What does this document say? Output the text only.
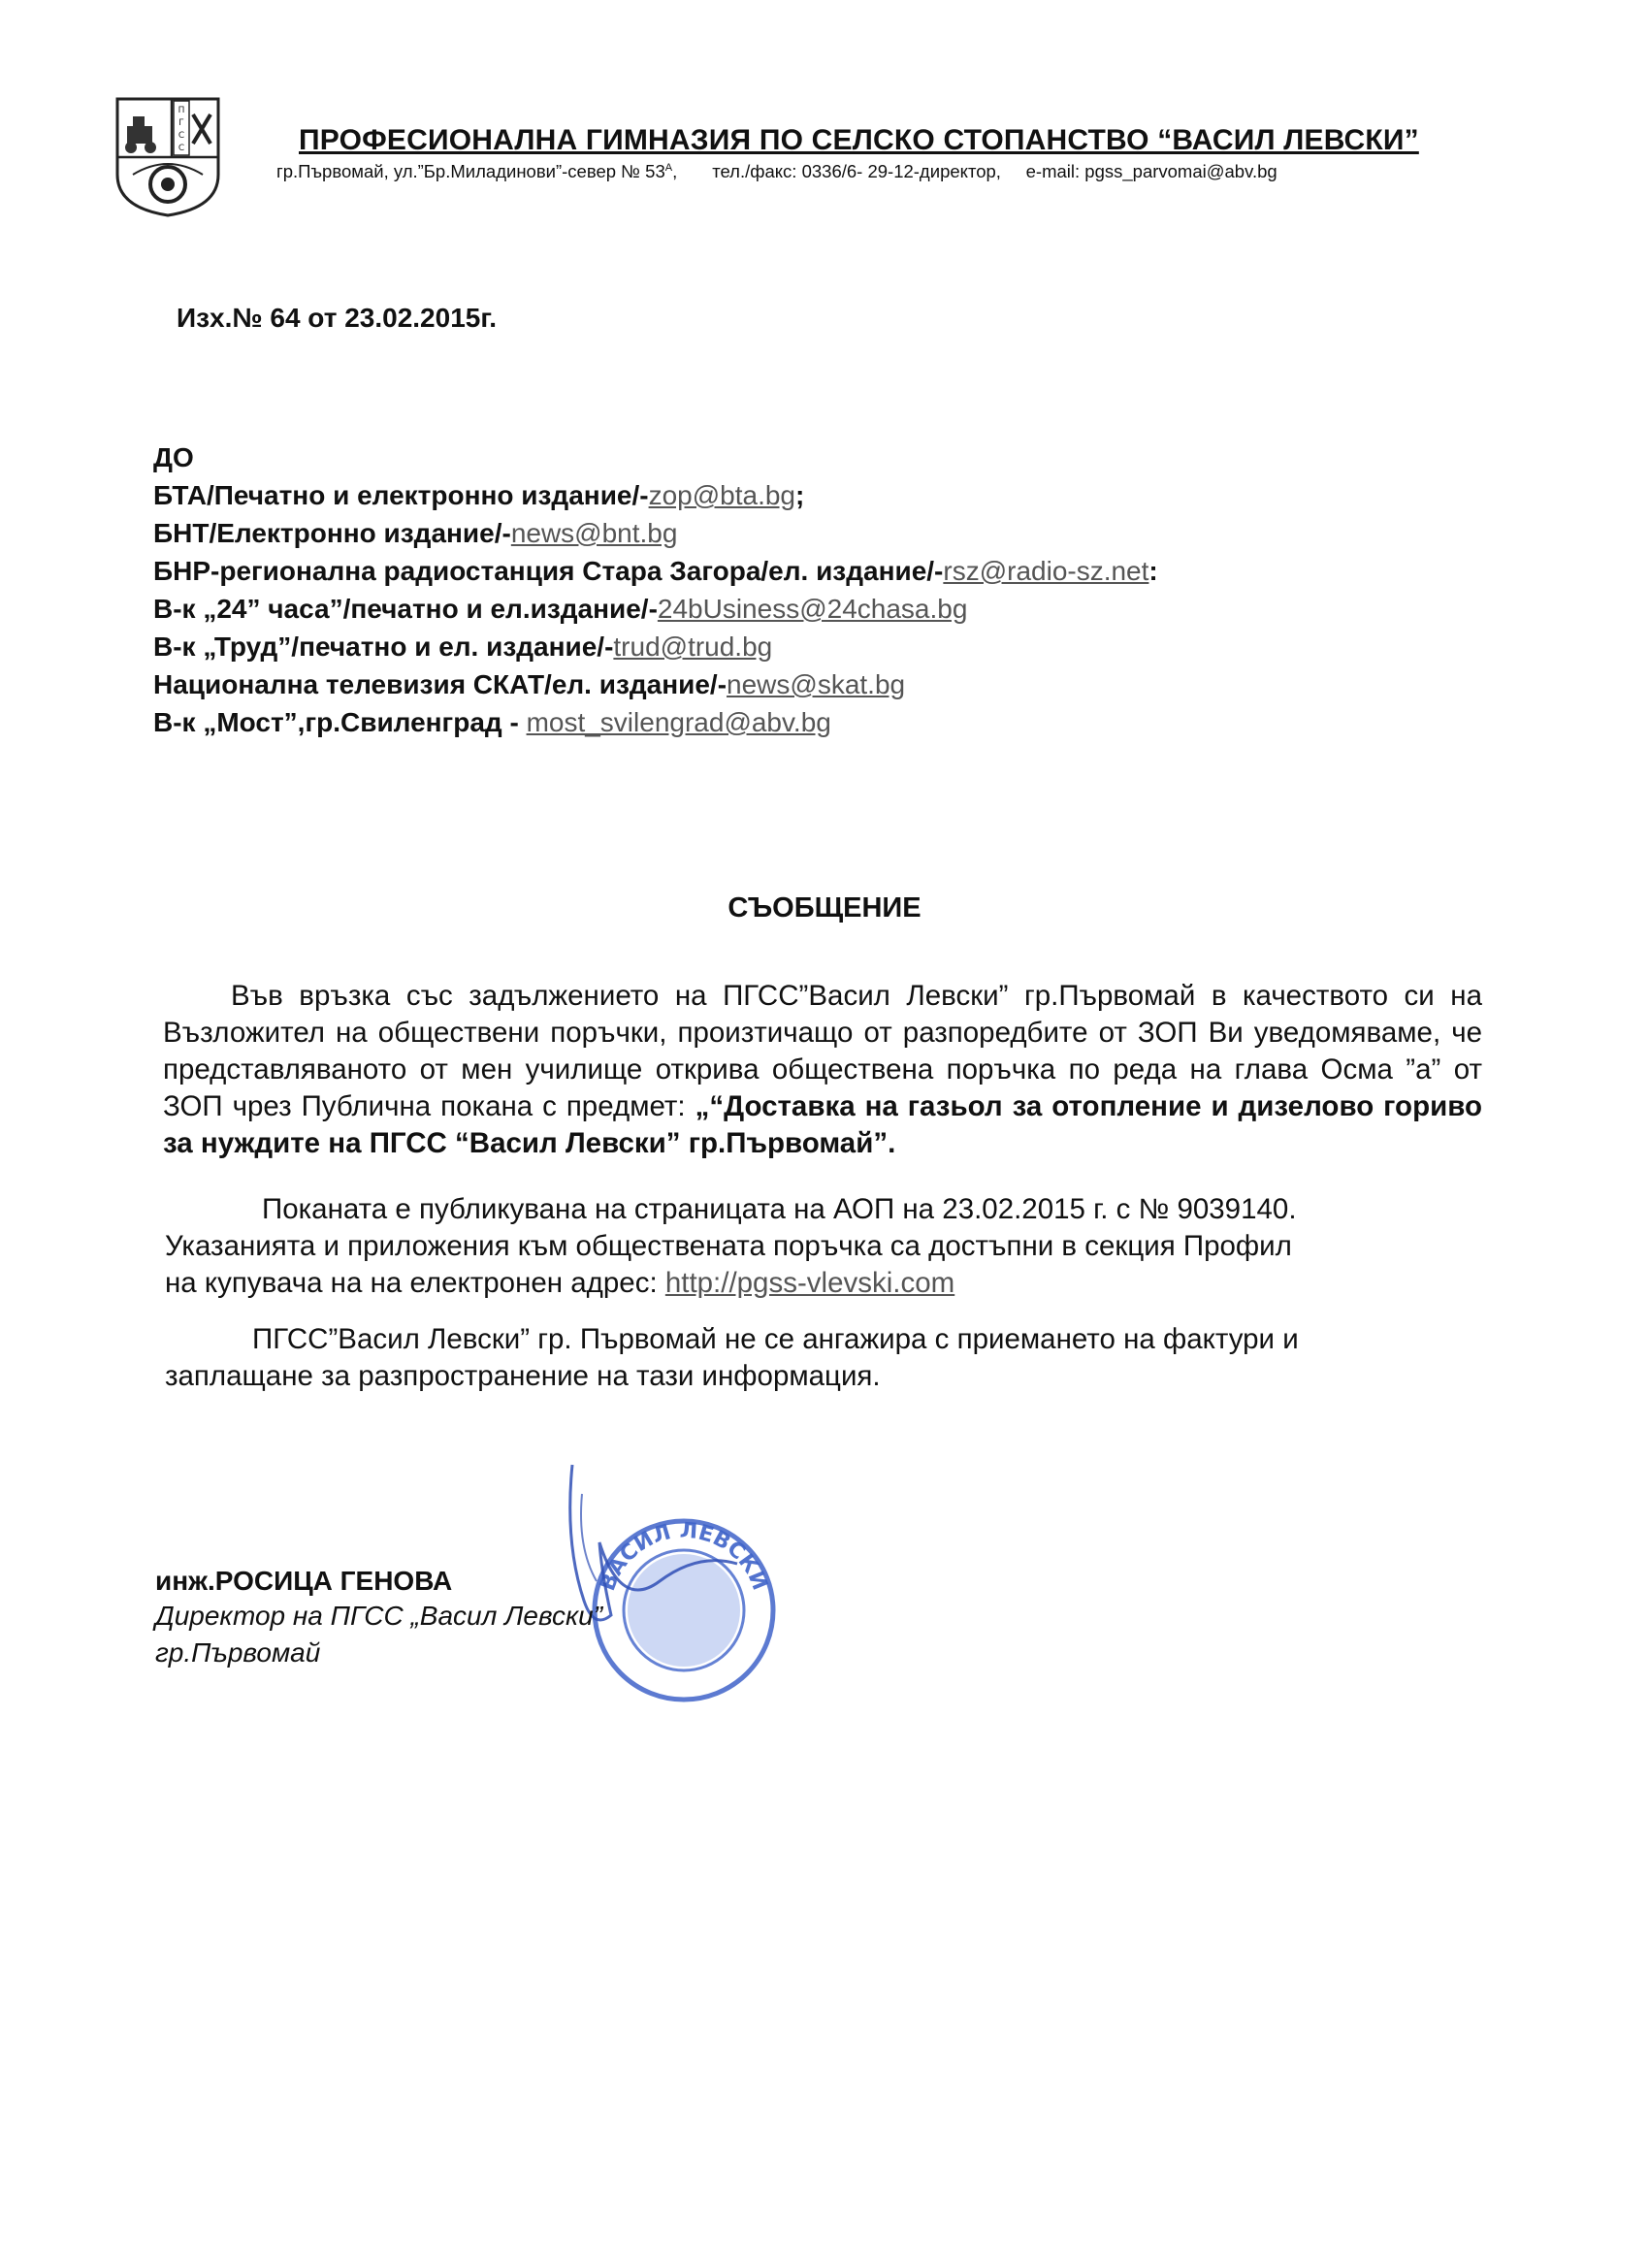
П
Г
С
С	ПРОФЕСИОНАЛНА ГИМНАЗИЯ ПО СЕЛСКО СТОПАНСТВО “ВАСИЛ ЛЕВСКИ”
гр.Първомай, ул.”Бр.Миладинови”-север № $53^А$, тел./факс: 0336/6- 29-12-директор, e-mail: pgss_parvomai@abv.bg
Изх.№ 64 от 23.02.2015г.
ДО
БТА/Печатно и електронно издание/-zop@bta.bg;
БНТ/Електронно издание/-news@bnt.bg
БНР-регионална радиостанция Стара Загора/ел. издание/-rsz@radio-sz.net:
В-к „24” часа”/печатно и ел.издание/-24bUsiness@24chasa.bg
В-к „Труд”/печатно и ел. издание/-trud@trud.bg
Национална телевизия СКАТ/ел. издание/-news@skat.bg
В-к „Мост”,гр.Свиленград - most_svilengrad@abv.bg
СЪОБЩЕНИЕ
Във връзка със задължението на ПГСС”Васил Левски” гр.Първомай в качеството си на Възложител на обществени поръчки, произтичащо от разпоредбите от ЗОП Ви уведомяваме, че представляваното от мен училище открива обществена поръчка по реда на глава Осма ”а” от ЗОП чрез Публична покана с предмет: „“Доставка на газьол за отопление и дизелово гориво за нуждите на ПГСС “Васил Левски” гр.Първомай”.
Поканата е публикувана на страницата на АОП на 23.02.2015 г. с № 9039140.
Указанията и приложения към обществената поръчка са достъпни в секция Профил
на купувача на на електронен адрес: http://pgss-vlevski.com
ПГСС”Васил Левски” гр. Първомай не се ангажира с приемането на фактури и
заплащане за разпространение на тази информация.
ВАСИЛ ЛЕВСКИ
инж.РОСИЦА ГЕНОВА
Директор на ПГСС „Васил Левски”
гр.Първомай
